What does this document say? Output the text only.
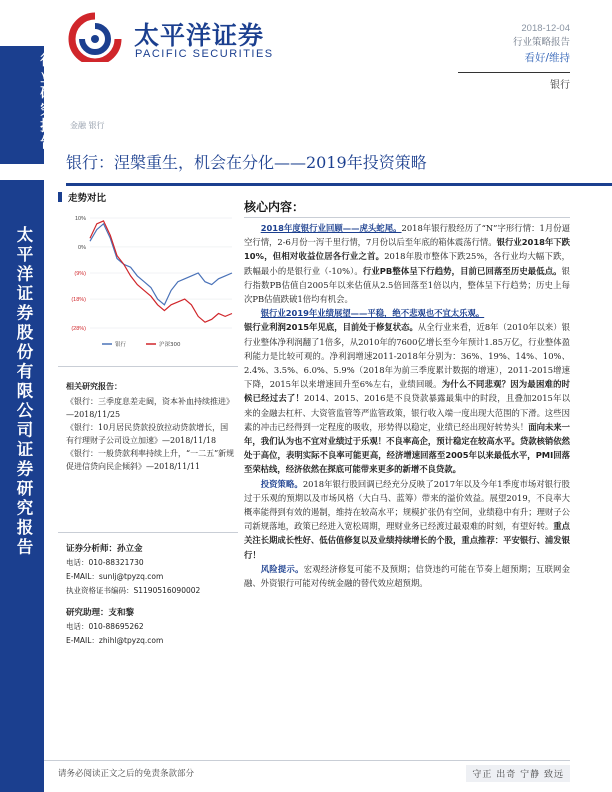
太平洋证券
PACIFIC SECURITIES
2018-12-04
行业策略报告
看好/维持
银行
行业研究报告
太平洋证券股份有限公司证券研究报告
金融 银行
银行：涅槃重生，机会在分化——2019年投资策略
走势对比
10%
0%
(9%)
(18%)
(28%)
银行	沪深300
相关研究报告：

《银行：三季度息差走阔，资本补血持续推进》—2018/11/25

《银行：10月居民贷款投放拉动贷款增长，国有行理财子公司设立加速》—2018/11/18

《银行：一般贷款利率持续上升，“一二五”新规促进信贷向民企倾斜》—2018/11/11

证券分析师：孙立金
电话：010-88321730
E-MAIL：sunlj@tpyzq.com
执业资格证书编码：S1190516090002
研究助理：支和黎
电话：010-88695262
E-MAIL：zhihl@tpyzq.com
核心内容：

2018年度银行业回顾——虎头蛇尾。2018年银行股经历了“N”字形行情：1月份逼空行情，2-6月份一泻千里行情，7月份以后至年底的箱体震荡行情。银行业2018年下跌10%，但相对收益位居各行业之首。2018年股市整体下跌25%，各行业均大幅下跌，跌幅最小的是银行业（-10%）。行业PB整体呈下行趋势，目前已回落至历史最低点。银行指数PB估值自2005年以来估值从2.5倍回落至1倍以内，整体呈下行趋势；历史上每次PB估值跌破1倍均有机会。

银行业2019年业绩展望——平稳，绝不悲观也不宜太乐观。

银行业利润2015年见底，目前处于修复状态。从全行业来看，近8年（2010年以来）银行业整体净利润翻了1倍多，从2010年的7600亿增长至今年预计1.85万亿，行业整体盈利能力是比较可观的。净利润增速2011-2018年分别为：36%、19%、14%、10%、2.4%、3.5%、6.0%、5.9%（2018年为前三季度累计数据的增速），2011-2015增速下降，2015年以来增速回升至6%左右，业绩回暖。为什么不同悲观？因为最困难的时候已经过去了！2014、2015、2016是不良贷款暴露最集中的时段，且叠加2015年以来的金融去杠杆、大资管监管等严监管政策，银行收入端一度出现大范围的下滑。这些因素的冲击已经得到一定程度的吸收，形势得以稳定，业绩已经出现好转势头！面向未来一年，我们认为也不宜对业绩过于乐观！不良率高企，预计稳定在较高水平。贷款核销依然处于高位，表明实际不良率可能更高，经济增速回落至2005年以来最低水平，PMI回落至荣枯线，经济依然在探底可能带来更多的新增不良贷款。

投资策略。2018年银行股回调已经充分反映了2017年以及今年1季度市场对银行股过于乐观的预期以及市场风格（大白马、蓝筹）带来的溢价效益。展望2019，不良率大概率能得到有效的遏制，维持在较高水平；规模扩张仍有空间，业绩稳中有升；理财子公司新规落地，政策已经进入宽松周期，理财业务已经渡过最艰难的时刻，有望好转。重点关注长期成长性好、低估值修复以及业绩持续增长的个股，重点推荐：平安银行、浦发银行！

风险提示。宏观经济修复可能不及预期；信贷违约可能在节奏上超预期；互联网金融、外资银行可能对传统金融的替代效应超预期。

请务必阅读正文之后的免责条款部分	守正 出奇 宁静 致远
